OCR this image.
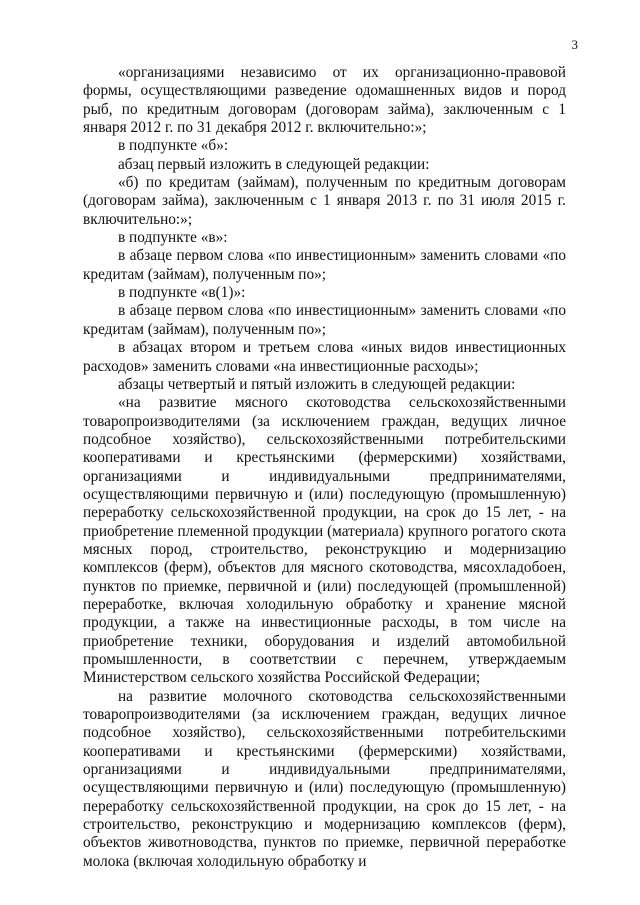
3

«организациями независимо от их организационно-правовой формы, осуществляющими разведение одомашненных видов и пород рыб, по кредитным договорам (договорам займа), заключенным с 1 января 2012 г. по 31 декабря 2012 г. включительно:»;

в подпункте «б»:

абзац первый изложить в следующей редакции:

«б) по кредитам (займам), полученным по кредитным договорам (договорам займа), заключенным с 1 января 2013 г. по 31 июля 2015 г. включительно:»;

в подпункте «в»:

в абзаце первом слова «по инвестиционным» заменить словами «по кредитам (займам), полученным по»;

в подпункте «в(1)»:

в абзаце первом слова «по инвестиционным» заменить словами «по кредитам (займам), полученным по»;

в абзацах втором и третьем слова «иных видов инвестиционных расходов» заменить словами «на инвестиционные расходы»;

абзацы четвертый и пятый изложить в следующей редакции:

«на развитие мясного скотоводства сельскохозяйственными товаропроизводителями (за исключением граждан, ведущих личное подсобное хозяйство), сельскохозяйственными потребительскими кооперативами и крестьянскими (фермерскими) хозяйствами, организациями и индивидуальными предпринимателями, осуществляющими первичную и (или) последующую (промышленную) переработку сельскохозяйственной продукции, на срок до 15 лет, - на приобретение племенной продукции (материала) крупного рогатого скота мясных пород, строительство, реконструкцию и модернизацию комплексов (ферм), объектов для мясного скотоводства, мясохладобоен, пунктов по приемке, первичной и (или) последующей (промышленной) переработке, включая холодильную обработку и хранение мясной продукции, а также на инвестиционные расходы, в том числе на приобретение техники, оборудования и изделий автомобильной промышленности, в соответствии с перечнем, утверждаемым Министерством сельского хозяйства Российской Федерации;

на развитие молочного скотоводства сельскохозяйственными товаропроизводителями (за исключением граждан, ведущих личное подсобное хозяйство), сельскохозяйственными потребительскими кооперативами и крестьянскими (фермерскими) хозяйствами, организациями и индивидуальными предпринимателями, осуществляющими первичную и (или) последующую (промышленную) переработку сельскохозяйственной продукции, на срок до 15 лет, - на строительство, реконструкцию и модернизацию комплексов (ферм), объектов животноводства, пунктов по приемке, первичной переработке молока (включая холодильную обработку и
